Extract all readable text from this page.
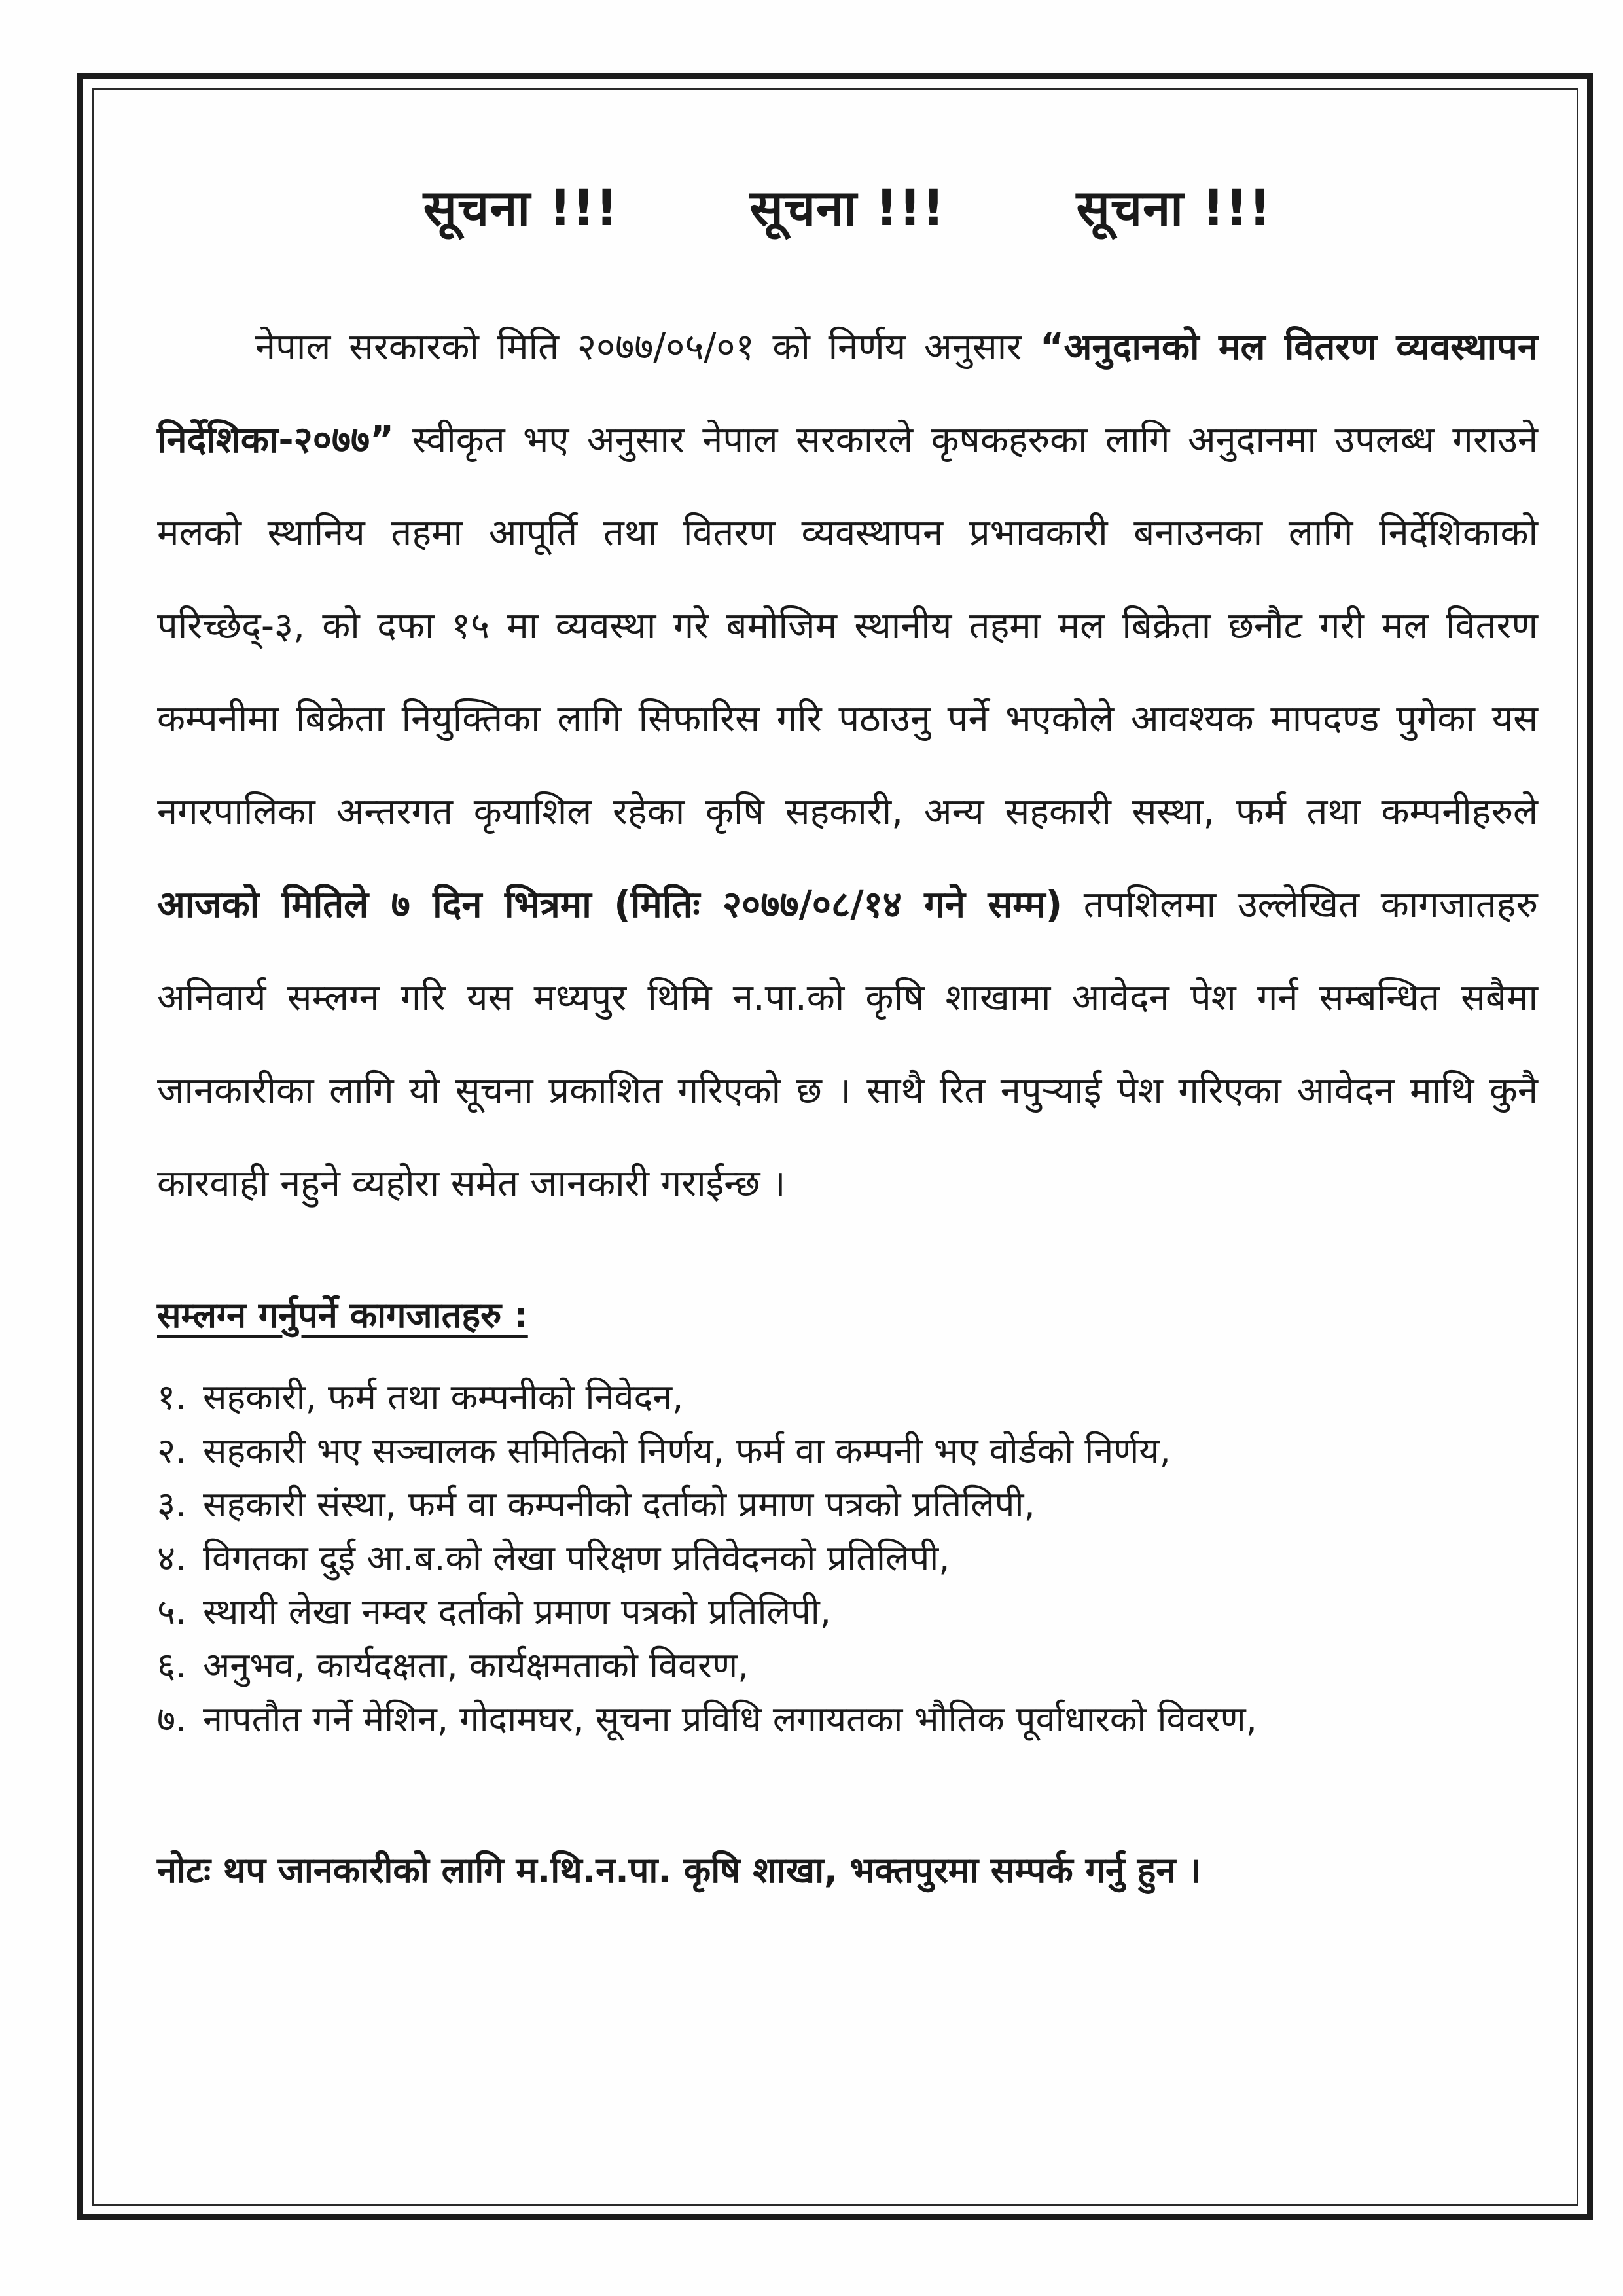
सूचना !!!	सूचना !!!	सूचना !!!
नेपाल सरकारको मिति २०७७/०५/०१ को निर्णय अनुसार “अनुदानको मल वितरण व्यवस्थापन निर्देशिका-२०७७” स्वीकृत भए अनुसार नेपाल सरकारले कृषकहरुका लागि अनुदानमा उपलब्ध गराउने मलको स्थानिय तहमा आपूर्ति तथा वितरण व्यवस्थापन प्रभावकारी बनाउनका लागि निर्देशिकाको परिच्छेद्-३, को दफा १५ मा व्यवस्था गरे बमोजिम स्थानीय तहमा मल बिक्रेता छनौट गरी मल वितरण कम्पनीमा बिक्रेता नियुक्तिका लागि सिफारिस गरि पठाउनु पर्ने भएकोले आवश्यक मापदण्ड पुगेका यस नगरपालिका अन्तरगत कृयाशिल रहेका कृषि सहकारी, अन्य सहकारी सस्था, फर्म तथा कम्पनीहरुले आजको मितिले ७ दिन भित्रमा (मितिः २०७७/०८/१४ गने सम्म) तपशिलमा उल्लेखित कागजातहरु अनिवार्य सम्लग्न गरि यस मध्यपुर थिमि न.पा.को कृषि शाखामा आवेदन पेश गर्न सम्बन्धित सबैमा जानकारीका लागि यो सूचना प्रकाशित गरिएको छ । साथै रित नपुऱ्याई पेश गरिएका आवेदन माथि कुनै कारवाही नहुने व्यहोरा समेत जानकारी गराईन्छ ।
सम्लग्न गर्नुपर्ने कागजातहरु :
१. सहकारी, फर्म तथा कम्पनीको निवेदन,
२. सहकारी भए सञ्चालक समितिको निर्णय, फर्म वा कम्पनी भए वोर्डको निर्णय,
३. सहकारी संस्था, फर्म वा कम्पनीको दर्ताको प्रमाण पत्रको प्रतिलिपी,
४. विगतका दुई आ.ब.को लेखा परिक्षण प्रतिवेदनको प्रतिलिपी,
५. स्थायी लेखा नम्वर दर्ताको प्रमाण पत्रको प्रतिलिपी,
६. अनुभव, कार्यदक्षता, कार्यक्षमताको विवरण,
७. नापतौत गर्ने मेशिन, गोदामघर, सूचना प्रविधि लगायतका भौतिक पूर्वाधारको विवरण,
नोटः थप जानकारीको लागि म.थि.न.पा. कृषि शाखा, भक्तपुरमा सम्पर्क गर्नु हुन ।
